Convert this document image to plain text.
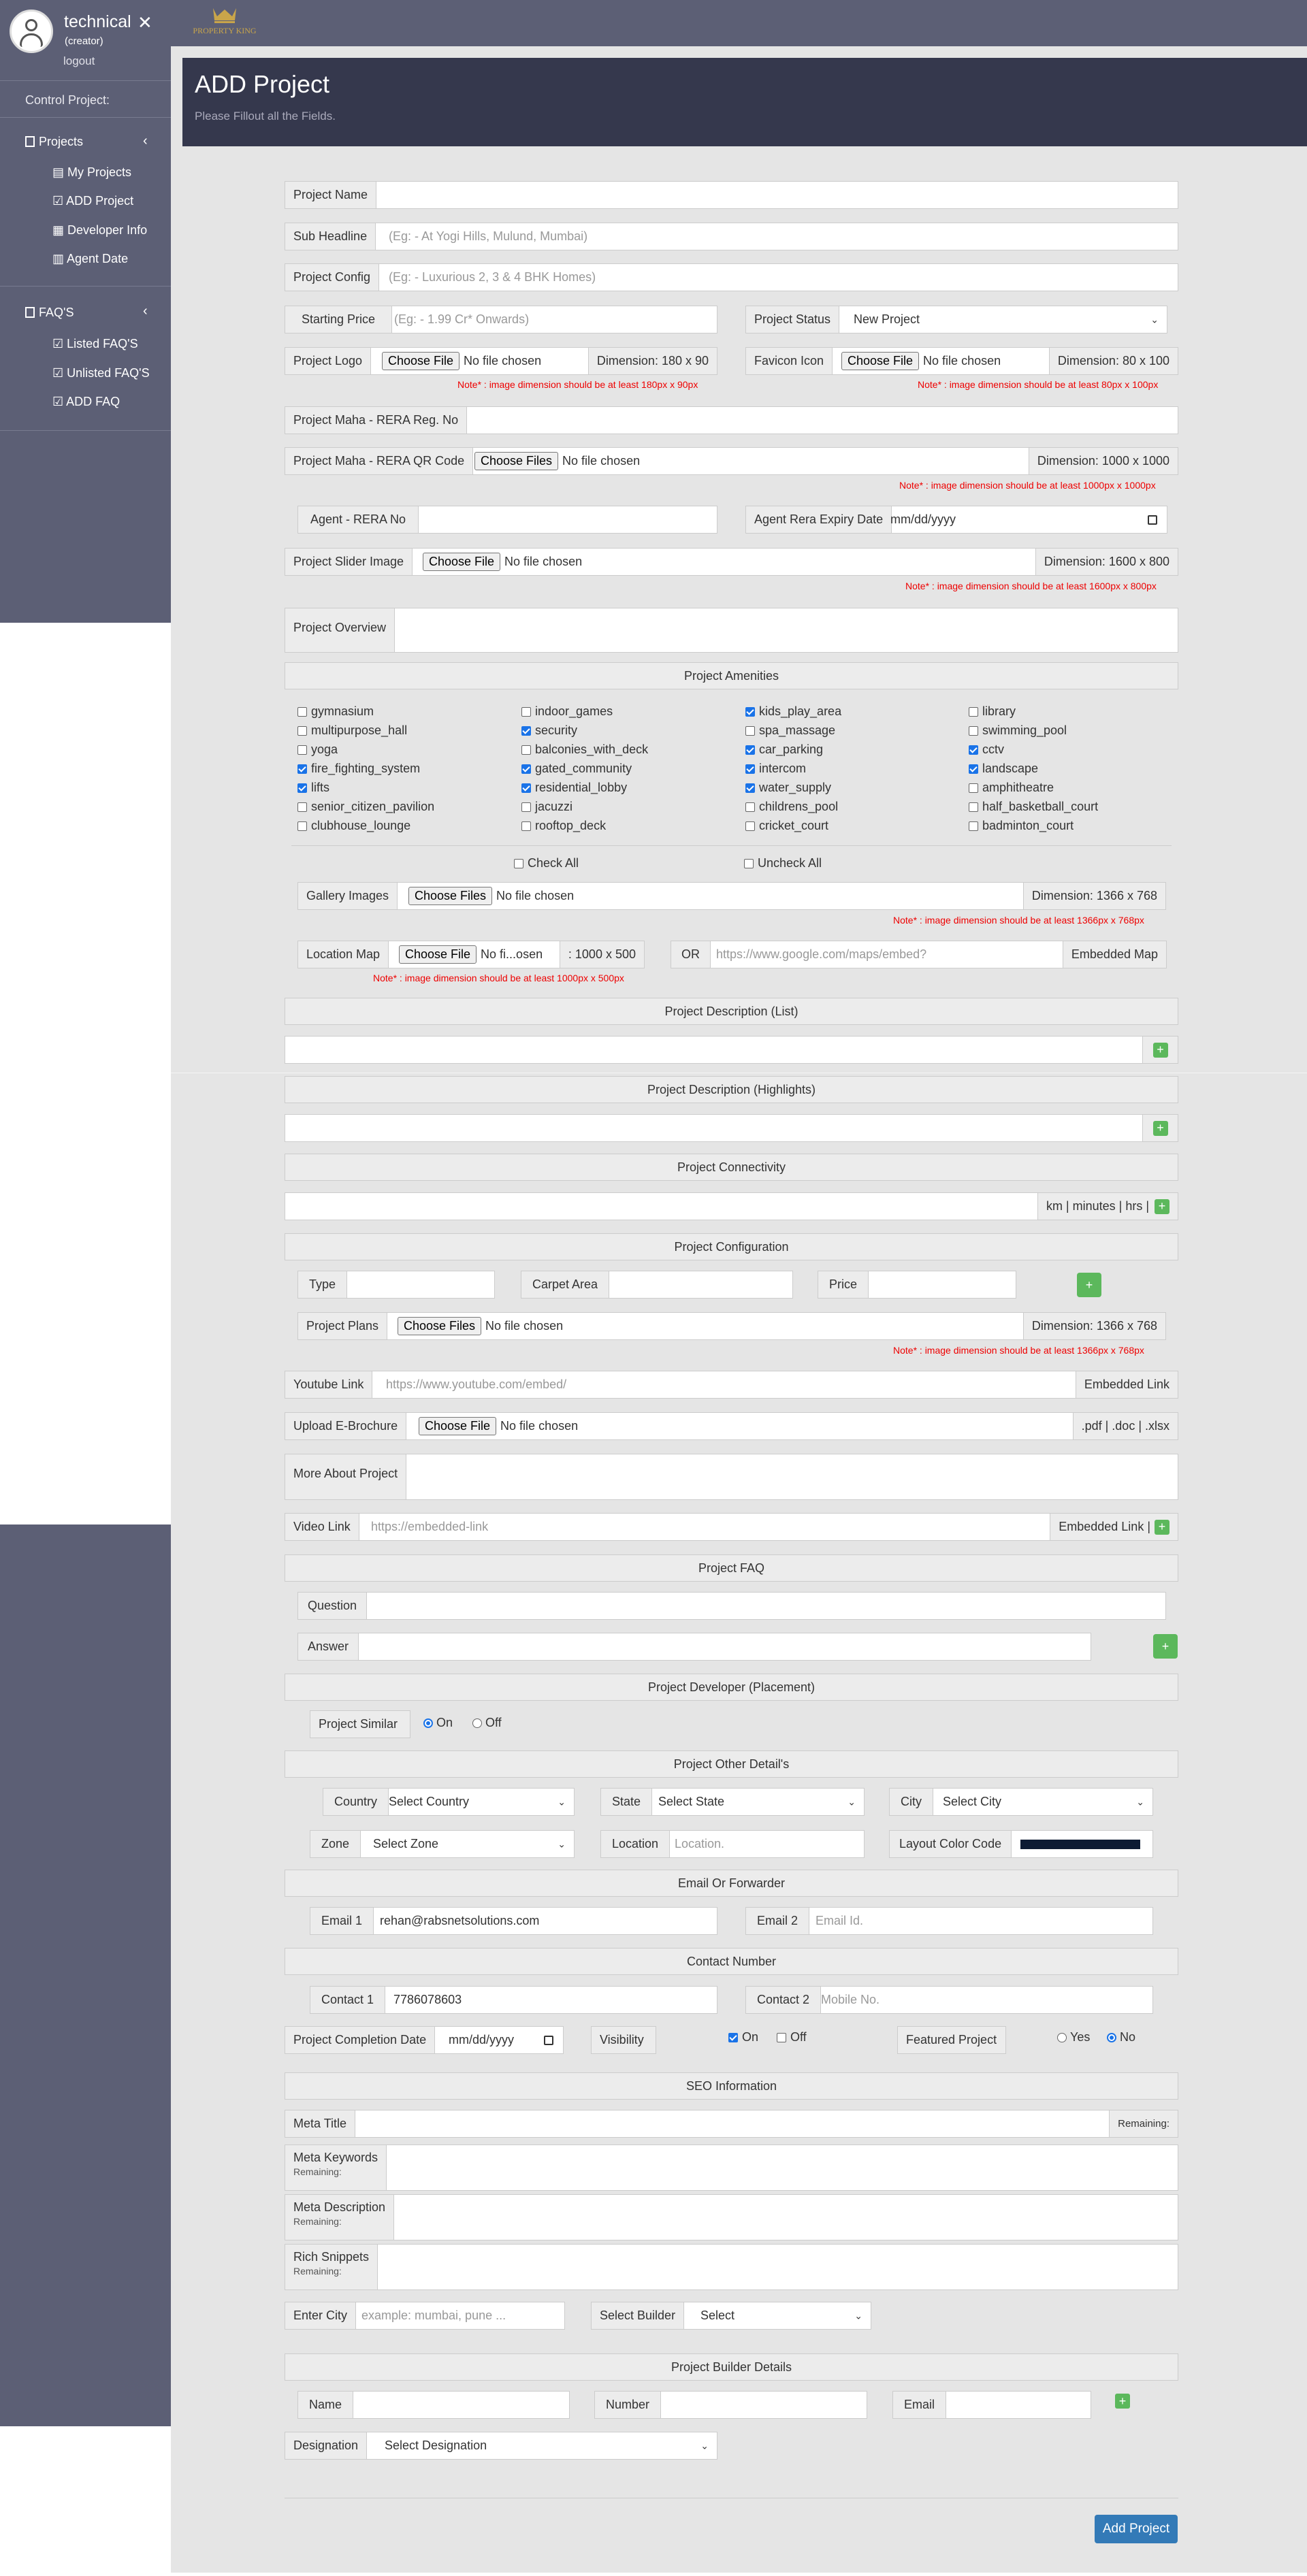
technical
(creator)
logout
✕
Control Project:
Projects	‹
▤ My Projects
☑ ADD Project
▦ Developer Info
▥ Agent Date
FAQ'S	‹
☑ Listed FAQ'S
☑ Unlisted FAQ'S
☑ ADD FAQ
PROPERTY KING
ADD Project
Please Fillout all the Fields.
Project Name
Sub Headline	(Eg: - At Yogi Hills, Mulund, Mumbai)
Project Config	(Eg: - Luxurious 2, 3 & 4 BHK Homes)
Starting Price	(Eg: - 1.99 Cr* Onwards)	Project Status	New Project	⌄
Project Logo	Choose File No file chosen	Dimension: 180 x 90
Note* : image dimension should be at least 180px x 90px
Favicon Icon	Choose File No file chosen	Dimension: 80 x 100
Note* : image dimension should be at least 80px x 100px
Project Maha - RERA Reg. No
Project Maha - RERA QR Code	Choose Files No file chosen	Dimension: 1000 x 1000
Note* : image dimension should be at least 1000px x 1000px
Agent - RERA No	Agent Rera Expiry Date mm/dd/yyyy
Project Slider Image	Choose File No file chosen	Dimension: 1600 x 800
Note* : image dimension should be at least 1600px x 800px
Project Overview
Project Amenities
gymnasium	indoor_games	kids_play_area	library
multipurpose_hall	security	spa_massage	swimming_pool
yoga	balconies_with_deck	car_parking	cctv
fire_fighting_system	gated_community	intercom	landscape
lifts	residential_lobby	water_supply	amphitheatre
senior_citizen_pavilion	jacuzzi	childrens_pool	half_basketball_court
clubhouse_lounge	rooftop_deck	cricket_court	badminton_court
Check All	Uncheck All
Gallery Images	Choose Files No file chosen	Dimension: 1366 x 768
Note* : image dimension should be at least 1366px x 768px
Location Map	Choose File No fi...osen	: 1000 x 500
Note* : image dimension should be at least 1000px x 500px
OR	https://www.google.com/maps/embed?	Embedded Map
Project Description (List)
+
Project Description (Highlights)
+
Project Connectivity
km | minutes | hrs | +
Project Configuration
Type	Carpet Area	Price	+
Project Plans	Choose Files No file chosen	Dimension: 1366 x 768
Note* : image dimension should be at least 1366px x 768px
Youtube Link	https://www.youtube.com/embed/	Embedded Link
Upload E-Brochure	Choose File No file chosen	.pdf | .doc | .xlsx
More About Project
Video Link	https://embedded-link	Embedded Link | +
Project FAQ
Question
Answer	+
Project Developer (Placement)
Project Similar	On	Off
Project Other Detail's
Country Select Country	⌄	State	Select State	⌄	City	Select City	⌄
Zone	Select Zone	⌄	Location	Location.	Layout Color Code
Email Or Forwarder
Email 1	rehan@rabsnetsolutions.com	Email 2	Email Id.
Contact Number
Contact 1	7786078603	Contact 2 Mobile No.
Project Completion Date	mm/dd/yyyy	Visibility	On	Off	Featured Project	Yes No
SEO Information
Meta Title	Remaining:
Meta Keywords
Remaining:
Meta Description
Remaining:
Rich Snippets
Remaining:
Enter City	example: mumbai, pune ...	Select Builder	Select	⌄
Project Builder Details
Name	Number	Email	+
Designation	Select Designation	⌄
Add Project
